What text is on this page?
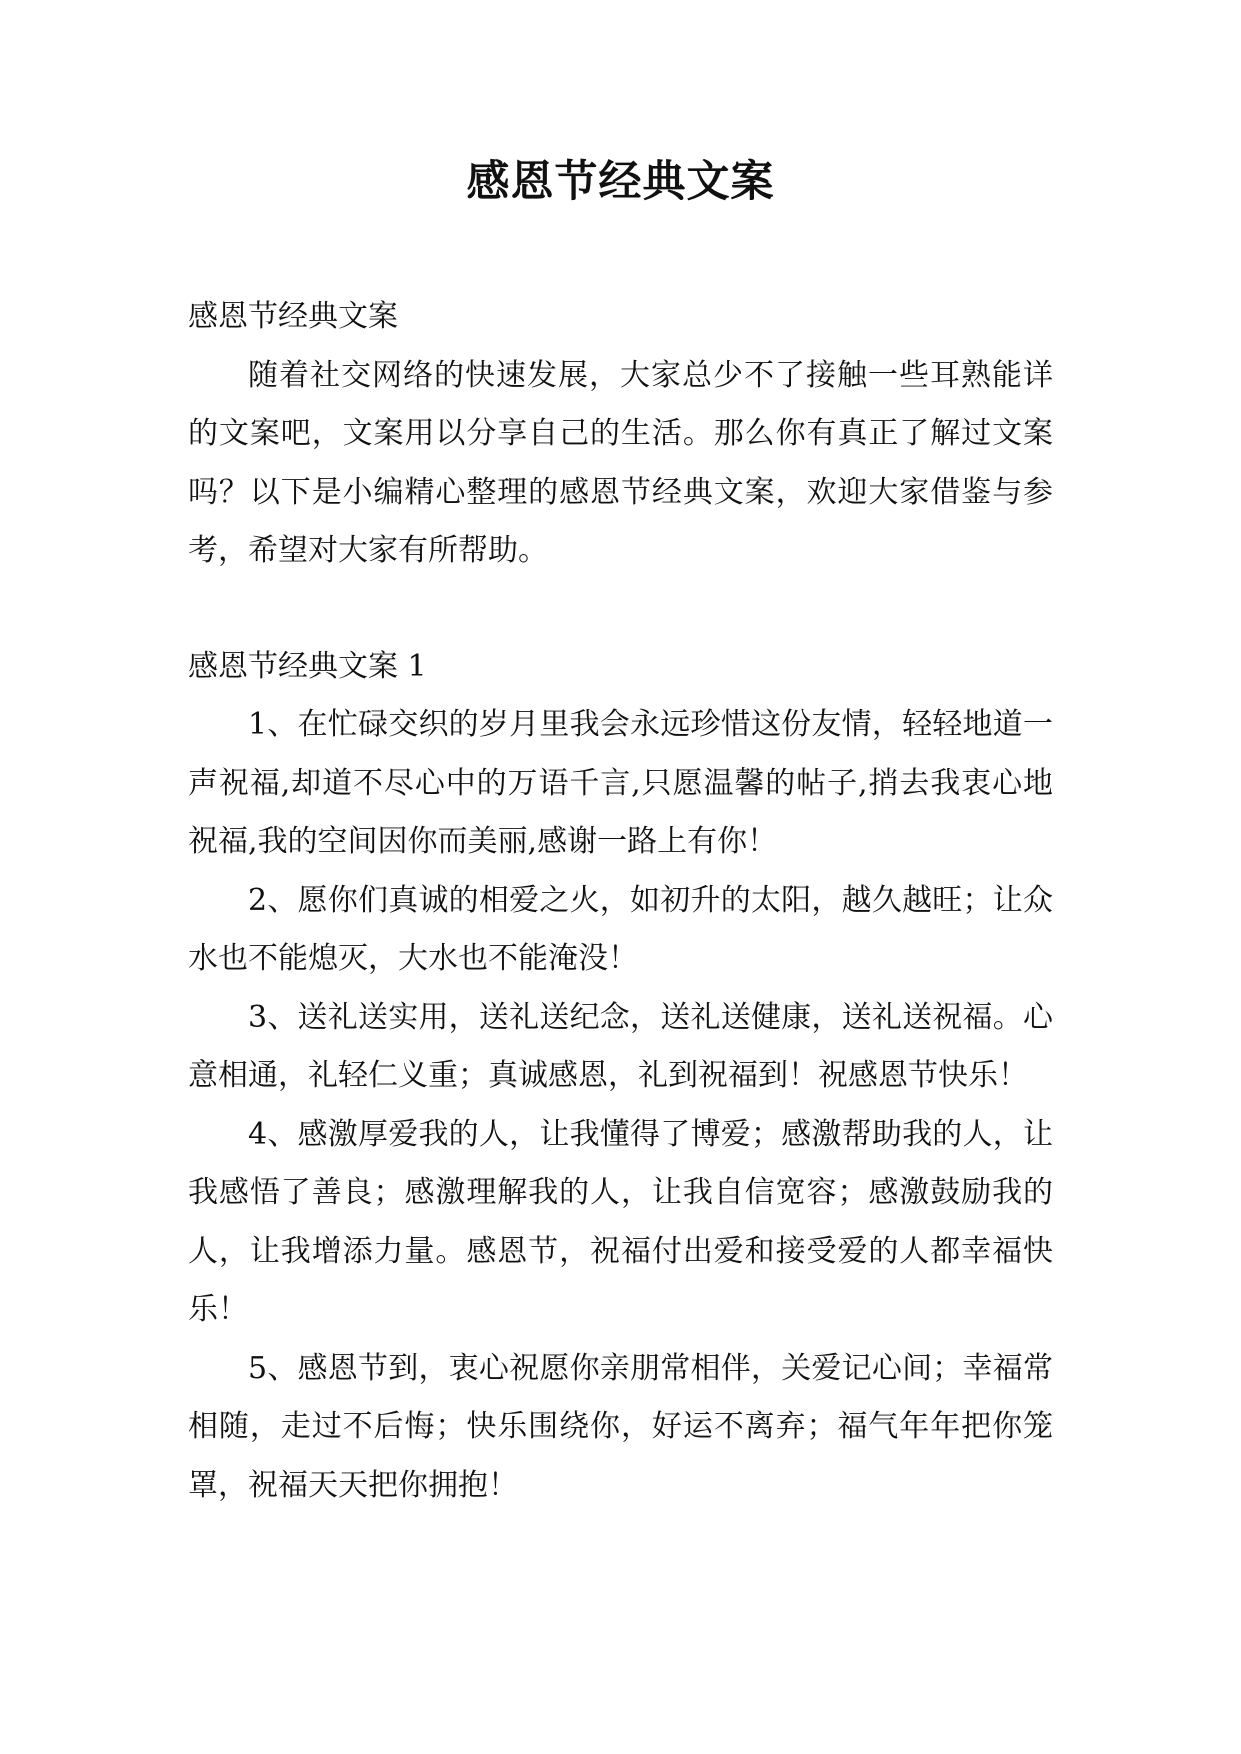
感恩节经典文案

感恩节经典文案

随着社交网络的快速发展，大家总少不了接触一些耳熟能详的文案吧，文案用以分享自己的生活。那么你有真正了解过文案吗？以下是小编精心整理的感恩节经典文案，欢迎大家借鉴与参考，希望对大家有所帮助。

感恩节经典文案 1

1、在忙碌交织的岁月里我会永远珍惜这份友情，轻轻地道一声祝福,却道不尽心中的万语千言,只愿温馨的帖子,捎去我衷心地祝福,我的空间因你而美丽,感谢一路上有你！

2、愿你们真诚的相爱之火，如初升的太阳，越久越旺；让众水也不能熄灭，大水也不能淹没！

3、送礼送实用，送礼送纪念，送礼送健康，送礼送祝福。心意相通，礼轻仁义重；真诚感恩，礼到祝福到！祝感恩节快乐！

4、感激厚爱我的人，让我懂得了博爱；感激帮助我的人，让我感悟了善良；感激理解我的人，让我自信宽容；感激鼓励我的人，让我增添力量。感恩节，祝福付出爱和接受爱的人都幸福快乐！

5、感恩节到，衷心祝愿你亲朋常相伴，关爱记心间；幸福常相随，走过不后悔；快乐围绕你，好运不离弃；福气年年把你笼罩，祝福天天把你拥抱！
